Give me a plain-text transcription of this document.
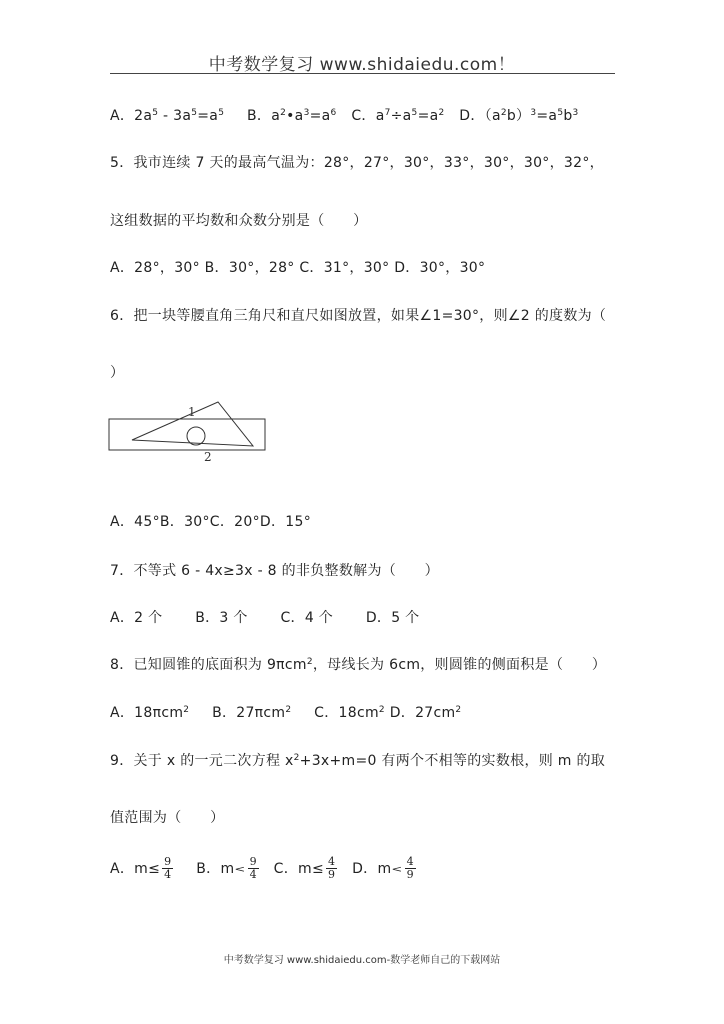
中考数学复习 www.shidaiedu.com！
A．$2a^5 - 3a^5=a^5$ B．$a^2•a^3=a^6$ C．$a^7\div a^5=a^2$ D．$(a^2b)^3=a^5b^3$
5．我市连续 7 天的最高气温为：28°，27°，30°，33°，30°，30°，32°，
这组数据的平均数和众数分别是（　　）
A．28°，30° B．30°，28° C．31°，30° D．30°，30°
6．把一块等腰直角三角尺和直尺如图放置，如果∠1=30°，则∠2 的度数为（
）
1
2
A．45°B．30°C．20°D．15°
7．不等式 6 - 4x≥3x - 8 的非负整数解为（　　）
A．2 个 B．3 个 C．4 个 D．5 个
8．已知圆锥的底面积为 9πcm$^2$，母线长为 6cm，则圆锥的侧面积是（　　）
A．18πcm$^2$ B．27πcm$^2$ C．$18cm^2$ D．$27cm^2$
9．关于 x 的一元二次方程 $x^2+3x+m=0$ 有两个不相等的实数根，则 m 的取
值范围为（　　）
A．$m\le \frac{9}{4}$ B．$m< \frac{9}{4}$ C．$m\le \frac{4}{9}$ D．$m< \frac{4}{9}$
中考数学复习 www.shidaiedu.com-数学老师自己的下载网站
